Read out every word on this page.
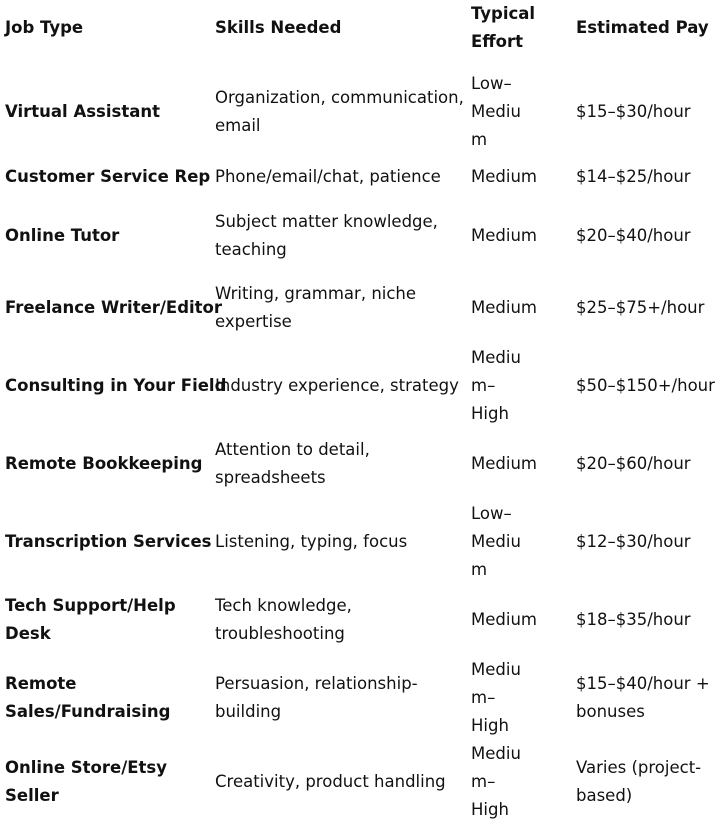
Job Type	Skills Needed	Typical Effort	Estimated Pay
Virtual Assistant	Organization, communication, email	Low–Medium	$15–$30/hour
Customer Service Rep	Phone/email/chat, patience	Medium	$14–$25/hour
Online Tutor	Subject matter knowledge, teaching	Medium	$20–$40/hour
Freelance Writer/Editor	Writing, grammar, niche expertise	Medium	$25–$75+/hour
Consulting in Your Field	Industry experience, strategy	Medium–High	$50–$150+/hour
Remote Bookkeeping	Attention to detail, spreadsheets	Medium	$20–$60/hour
Transcription Services	Listening, typing, focus	Low–Medium	$12–$30/hour
Tech Support/Help Desk	Tech knowledge, troubleshooting	Medium	$18–$35/hour
Remote Sales/Fundraising	Persuasion, relationship-building	Medium–High	$15–$40/hour + bonuses
Online Store/Etsy Seller	Creativity, product handling	Medium–High	Varies (project-based)
